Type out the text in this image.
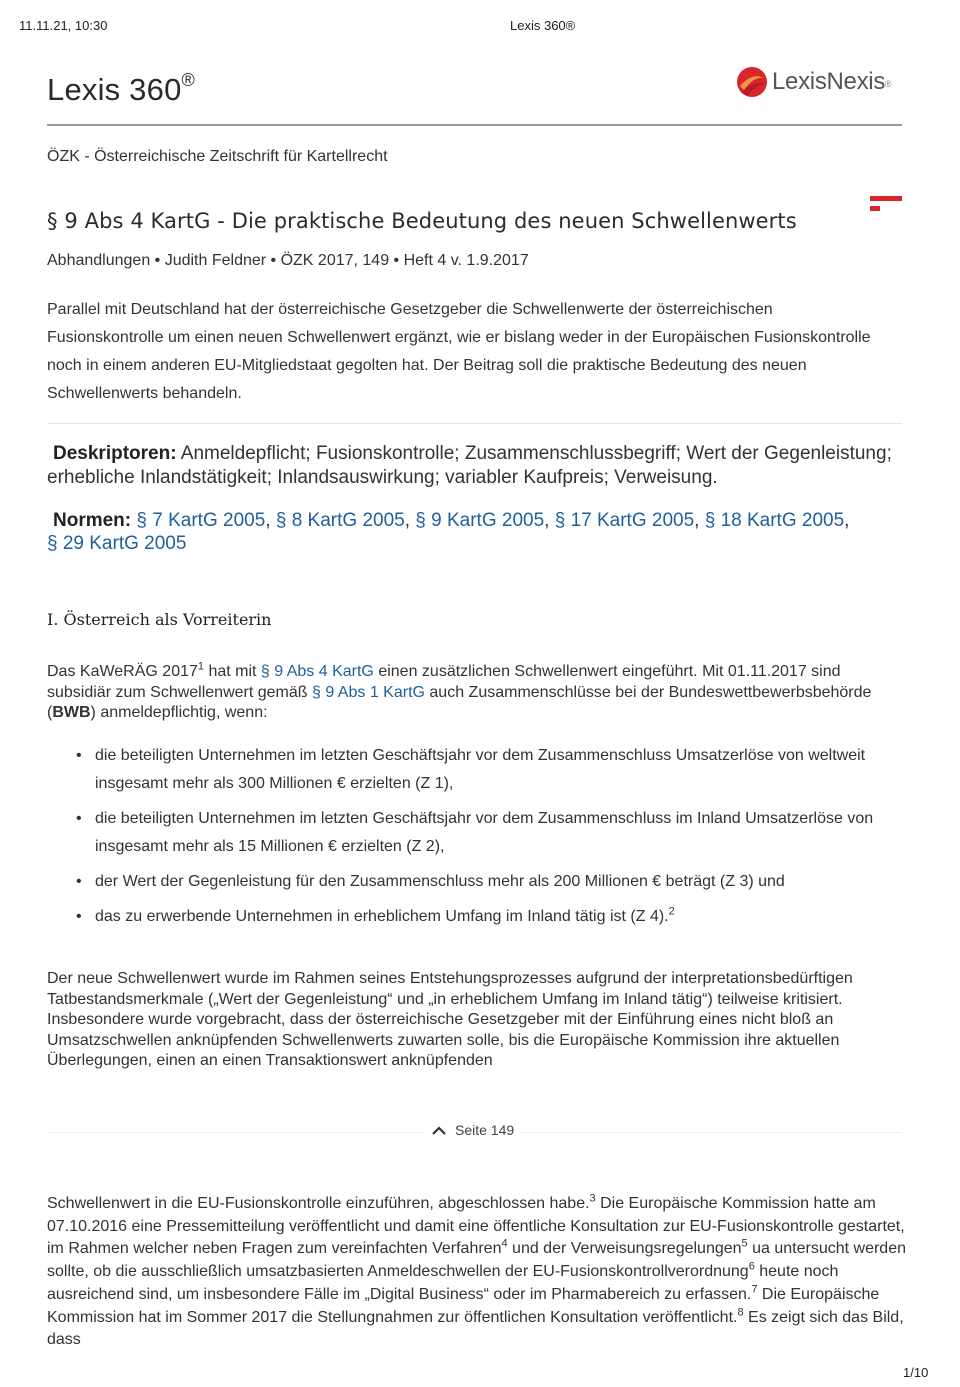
11.11.21, 10:30	Lexis 360®
Lexis 360®	LexisNexis®
ÖZK - Österreichische Zeitschrift für Kartellrecht
§ 9 Abs 4 KartG - Die praktische Bedeutung des neuen Schwellenwerts
Abhandlungen • Judith Feldner • ÖZK 2017, 149 • Heft 4 v. 1.9.2017

Parallel mit Deutschland hat der österreichische Gesetzgeber die Schwellenwerte der österreichischen Fusionskontrolle um einen neuen Schwellenwert ergänzt, wie er bislang weder in der Europäischen Fusionskontrolle noch in einem anderen EU-Mitgliedstaat gegolten hat. Der Beitrag soll die praktische Bedeutung des neuen Schwellenwerts behandeln.

Deskriptoren: Anmeldepflicht; Fusionskontrolle; Zusammenschlussbegriff; Wert der Gegenleistung; erhebliche Inlandstätigkeit; Inlandsauswirkung; variabler Kaufpreis; Verweisung.

Normen: § 7 KartG 2005, § 8 KartG 2005, § 9 KartG 2005, § 17 KartG 2005, § 18 KartG 2005,
§ 29 KartG 2005

I. Österreich als Vorreiterin

Das KaWeRÄG 2017$^1$ hat mit § 9 Abs 4 KartG einen zusätzlichen Schwellenwert eingeführt. Mit 01.11.2017 sind subsidiär zum Schwellenwert gemäß § 9 Abs 1 KartG auch Zusammenschlüsse bei der Bundeswettbewerbsbehörde (BWB) anmeldepflichtig, wenn:

• die beteiligten Unternehmen im letzten Geschäftsjahr vor dem Zusammenschluss Umsatzerlöse von weltweit insgesamt mehr als 300 Millionen € erzielten (Z 1),
• die beteiligten Unternehmen im letzten Geschäftsjahr vor dem Zusammenschluss im Inland Umsatzerlöse von insgesamt mehr als 15 Millionen € erzielten (Z 2),
• der Wert der Gegenleistung für den Zusammenschluss mehr als 200 Millionen € beträgt (Z 3) und
• das zu erwerbende Unternehmen in erheblichem Umfang im Inland tätig ist (Z 4).$^2$

Der neue Schwellenwert wurde im Rahmen seines Entstehungsprozesses aufgrund der interpretationsbedürftigen Tatbestandsmerkmale („Wert der Gegenleistung“ und „in erheblichem Umfang im Inland tätig“) teilweise kritisiert. Insbesondere wurde vorgebracht, dass der österreichische Gesetzgeber mit der Einführung eines nicht bloß an Umsatzschwellen anknüpfenden Schwellenwerts zuwarten solle, bis die Europäische Kommission ihre aktuellen Überlegungen, einen an einen Transaktionswert anknüpfenden

Seite 149

Schwellenwert in die EU-Fusionskontrolle einzuführen, abgeschlossen habe.$^3$ Die Europäische Kommission hatte am 07.10.2016 eine Pressemitteilung veröffentlicht und damit eine öffentliche Konsultation zur EU-Fusionskontrolle gestartet, im Rahmen welcher neben Fragen zum vereinfachten Verfahren$^4$ und der Verweisungsregelungen$^5$ ua untersucht werden sollte, ob die ausschließlich umsatzbasierten Anmeldeschwellen der EU-Fusionskontrollverordnung$^6$ heute noch ausreichend sind, um insbesondere Fälle im „Digital Business“ oder im Pharmabereich zu erfassen.$^7$ Die Europäische Kommission hat im Sommer 2017 die Stellungnahmen zur öffentlichen Konsultation veröffentlicht.$^8$ Es zeigt sich das Bild, dass

1/10
